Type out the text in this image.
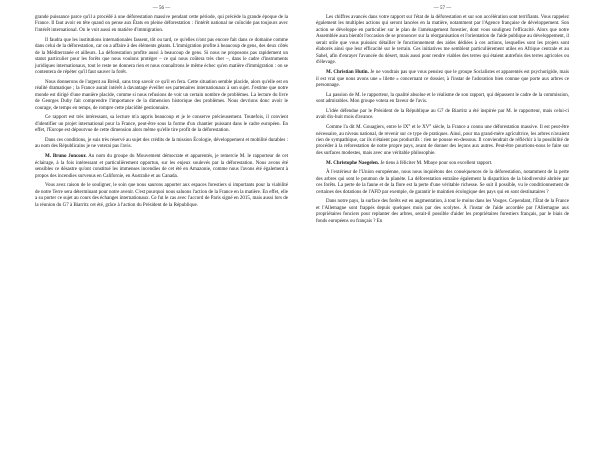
— 56 —

grande puissance parce qu'il a procédé à une déforestation massive pendant cette période, qui précède la grande époque de la France. Il faut avoir en tête quand on pense aux États en pleine déforestation : l'intérêt national ne coïncide pas toujours avec l'intérêt international. On le voit aussi en matière d'immigration.

Il faudra que les institutions internationales fassent, tôt ou tard, ce qu'elles n'ont pas encore fait dans ce domaine comme dans celui de la déforestation, car on a affaire à des éléments géants. L'immigration profite à beaucoup de gens, des deux côtés de la Méditerranée et ailleurs. La déforestation profite aussi à beaucoup de gens. Si nous ne proposons pas rapidement un statut particulier pour les forêts que nous voulons protéger – ce qui nous coûtera très cher –, dans le cadre d'instruments juridiques internationaux, tout le reste ne donnera rien et nous connaîtrons le même échec qu'en matière d'immigration : on se contentera de répéter qu'il faut sauver la forêt.

Nous donnerons de l'argent au Brésil, sans trop savoir ce qu'il en fera. Cette situation semble placide, alors qu'elle est en réalité dramatique ; la France aurait intérêt à davantage éveiller ses partenaires internationaux à son sujet. J'estime que notre monde est dirigé d'une manière placide, comme si nous refusions de voir un certain nombre de problèmes. La lecture du livre de Georges Duby fait comprendre l'importance de la dimension historique des problèmes. Nous devrions donc avoir le courage, de temps en temps, de rompre cette placidité gestionnaire.

Ce rapport est très intéressant, sa lecture m'a appris beaucoup et je le conserve précieusement. Toutefois, il convient d'identifier un projet international pour la France, peut-être sous la forme d'un chantier puissant dans le cadre européen. En effet, l'Europe est dépourvue de cette dimension alors même qu'elle tire profit de la déforestation.

Dans ces conditions, je suis très réservé au sujet des crédits de la mission Écologie, développement et mobilité durables : au nom des Républicains je ne voterai pas l'avis.

M. Bruno Joncour. Au nom du groupe du Mouvement démocrate et apparentés, je remercie M. le rapporteur de cet éclairage, à la fois intéressant et particulièrement opportun, sur les enjeux soulevés par la déforestation. Nous avons été sensibles ce désastre qu'ont constitué les immenses incendies de cet été en Amazonie, comme nous l'avons été également à propos des incendies survenus en Californie, en Australie et au Canada.

Vous avez raison de le souligner, le soin que nous saurons apporter aux espaces forestiers si importants pour la viabilité de notre Terre sera déterminant pour notre avenir. C'est pourquoi nous saluons l'action de la France en la matière. En effet, elle a su porter ce sujet au cours des échanges internationaux. Ce fut le cas avec l'accord de Paris signé en 2015, mais aussi lors de la réunion du G7 à Biarritz cet été, grâce à l'action du Président de la République.

— 57 —

Les chiffres avancés dans votre rapport sur l'état de la déforestation et sur son accélération sont terrifiants. Vous rappelez également les multiples actions qui seront lancées en la matière, notamment par l'Agence française de développement. Son action se développe en particulier sur le plan de l'aménagement forestier, dont vous soulignez l'efficacité. Alors que notre Assemblée aura bientôt l'occasion de se prononcer sur la réorganisation et l'orientation de l'aide publique au développement, il serait utile que vous puissiez détailler le fonctionnement des aides dédiées à ces actions, lesquelles sont les projets sont élaborés ainsi que leur efficacité sur le terrain. Ces initiatives me semblent particulièrement utiles en Afrique centrale et au Sahel, afin d'enrayer l'avancée du désert, mais aussi pour rendre viables des terres qui étaient autrefois des terres agricoles ou d'élevage.

M. Christian Hutin. Je ne voudrais pas que vous pensiez que le groupe Socialistes et apparentés est psychorigide, mais il est vrai que nous avons une « lilette » concernant ce dossier, à l'instar de l'adoration bien connue que porte aux arbres ce personnage.

La passion de M. le rapporteur, la qualité absolue et le réalisme de son rapport, qui dépassent le cadre de la commission, sont admirables. Mon groupe votera en faveur de l'avis.

L'idée défendue par le Président de la République au G7 de Biarritz a été inspirée par M. le rapporteur, mais celui-ci avait dix-huit mois d'avance.

Comme l'a dit M. Gouagiers, entre le IX° et le XV° siècle, la France a connu une déforestation massive. Il est peut-être nécessaire, au niveau national, de revenir sur ce type de pratiques. Ainsi, pour ma grand-mère agricultrice, les arbres n'avaient rien de sympathique, car ils n'étaient pas productifs : rien ne pousse en-dessous. Il conviendrait de réfléchir à la possibilité de procéder à la reforestation de notre propre pays, avant de donner des leçons aux autres. Peut-être pourrions-nous le faire sur des surfaces modestes, mais avec une véritable philosophie.

M. Christophe Naegelen. Je tiens à féliciter M. Mbaye pour son excellent rapport.

À l'extérieur de l'Union européenne, nous nous inquiétons des conséquences de la déforestation, notamment de la perte des arbres qui sont le poumon de la planète. La déforestation entraîne également la disparition de la biodiversité abritée par ces forêts. La perte de la faune et de la flore est la perte d'une véritable richesse. Se suit il possible, vu le conditionnement de certaines des dotations de l'AFD par exemple, de garantir le maintien écologique des pays qui en sont destinataires ?

Dans notre pays, la surface des forêts est en augmentation, à tout le moins dans les Vosges. Cependant, l'État de la France et l'Allemagne sont frappés depuis quelques mois par des scolytes. À l'instar de l'aide accordée par l'Allemagne aux propriétaires fonciers pour replanter des arbres, serait-il possible d'aider les propriétaires forestiers français, par le biais de fonds européens ou français ? En
